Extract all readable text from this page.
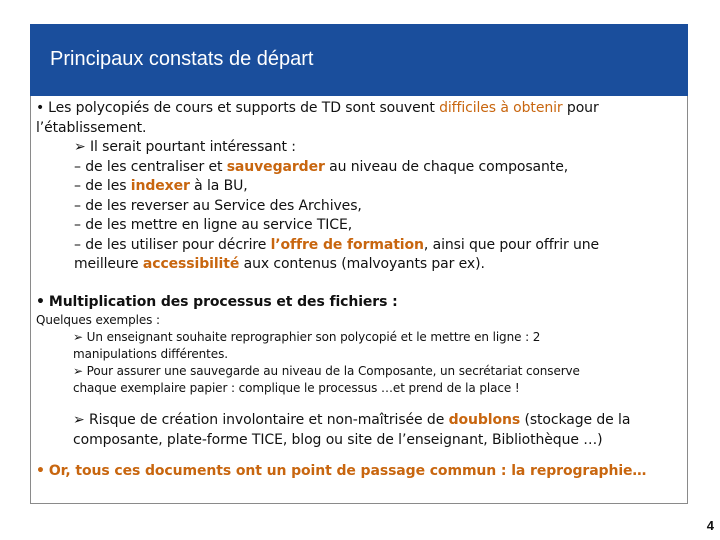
Principaux constats de départ
• Les polycopiés de cours et supports de TD sont souvent difficiles à obtenir pour
l’établissement.
➢ Il serait pourtant intéressant :
– de les centraliser et sauvegarder au niveau de chaque composante,
– de les indexer à la BU,
– de les reverser au Service des Archives,
– de les mettre en ligne au service TICE,
– de les utiliser pour décrire l’offre de formation, ainsi que pour offrir une
meilleure accessibilité aux contenus (malvoyants par ex).
• Multiplication des processus et des fichiers :
Quelques exemples :
➢ Un enseignant souhaite reprographier son polycopié et le mettre en ligne : 2
manipulations différentes.
➢ Pour assurer une sauvegarde au niveau de la Composante, un secrétariat conserve
chaque exemplaire papier : complique le processus …et prend de la place !
➢ Risque de création involontaire et non-maîtrisée de doublons (stockage de la
composante, plate-forme TICE, blog ou site de l’enseignant, Bibliothèque …)
• Or, tous ces documents ont un point de passage commun : la reprographie…
4
